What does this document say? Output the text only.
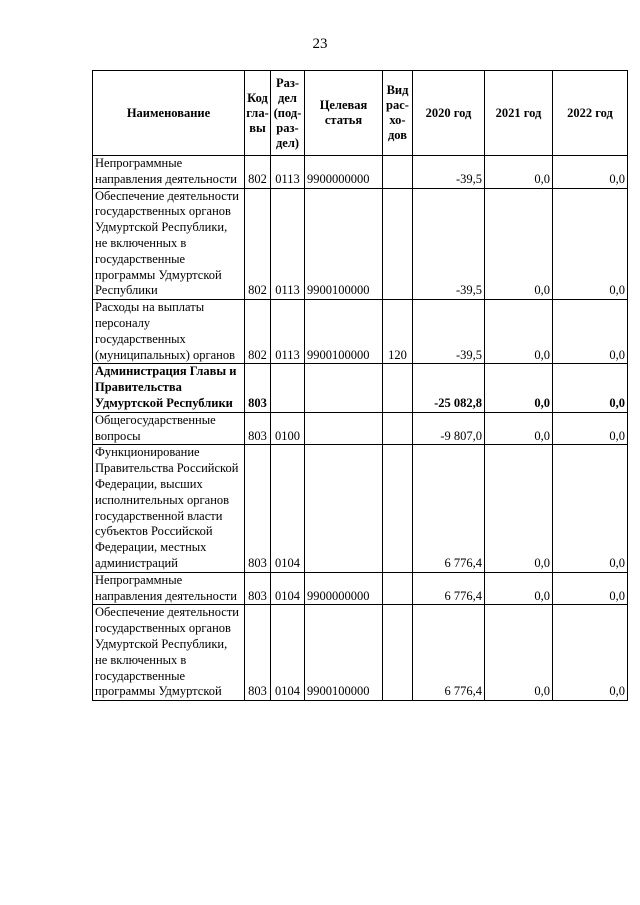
23
Наименование	Код гла-вы	Раз-дел (под-раз-дел)	Целевая статья	Вид рас-хо-дов	2020 год	2021 год	2022 год
Непрограммные направления деятельности	802	0113	9900000000		-39,5	0,0	0,0
Обеспечение деятельности государственных органов Удмуртской Республики, не включенных в государственные программы Удмуртской Республики	802	0113	9900100000		-39,5	0,0	0,0
Расходы на выплаты персоналу государственных (муниципальных) органов	802	0113	9900100000	120	-39,5	0,0	0,0
Администрация Главы и Правительства Удмуртской Республики	803				-25 082,8	0,0	0,0
Общегосударственные вопросы	803	0100			-9 807,0	0,0	0,0
Функционирование Правительства Российской Федерации, высших исполнительных органов государственной власти субъектов Российской Федерации, местных администраций	803	0104			6 776,4	0,0	0,0
Непрограммные направления деятельности	803	0104	9900000000		6 776,4	0,0	0,0
Обеспечение деятельности государственных органов Удмуртской Республики, не включенных в государственные программы Удмуртской	803	0104	9900100000		6 776,4	0,0	0,0
